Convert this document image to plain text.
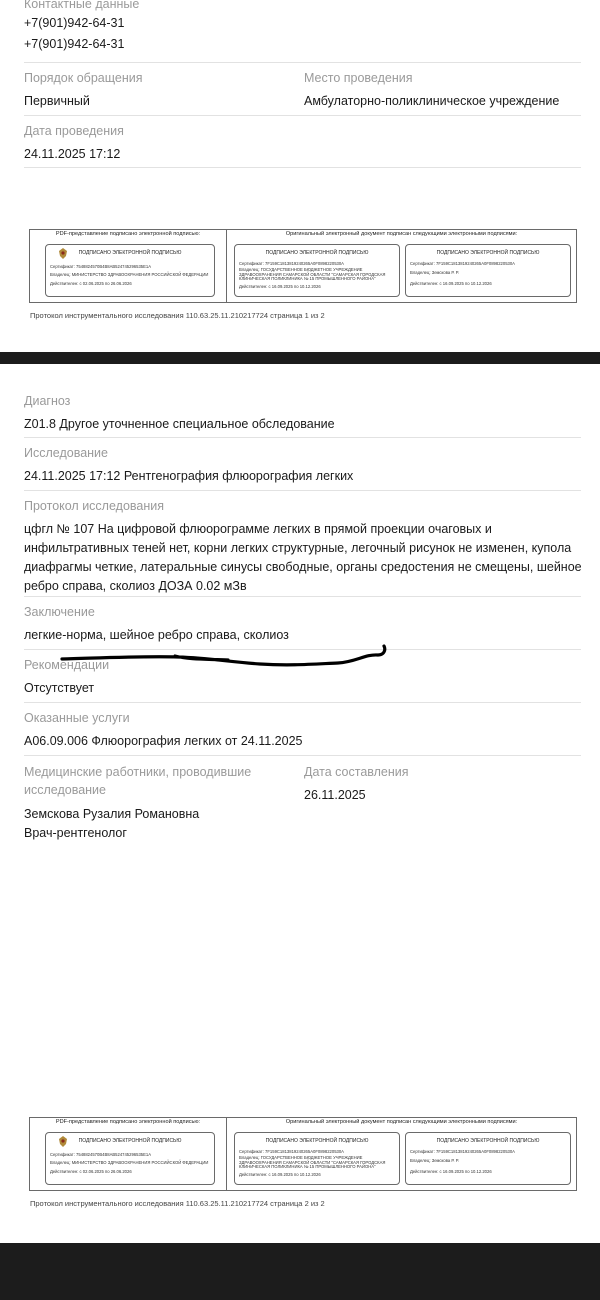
Контактные данные
+7(901)942-64-31
+7(901)942-64-31
Порядок обращения
Первичный
Место проведения
Амбулаторно-поликлиническое учреждение
Дата проведения
24.11.2025 17:12
PDF-представление подписано электронной подписью:
ПОДПИСАНО ЭЛЕКТРОННОЙ ПОДПИСЬЮ
Сертификат: 7548824570B4B8AB524745296535E1A
Владелец: МИНИСТЕРСТВО ЗДРАВООХРАНЕНИЯ РОССИЙСКОЙ ФЕДЕРАЦИИ
Действителен: с 02.06.2025 по 26.06.2026
Оригинальный электронный документ подписан следующими электронными подписями:
ПОДПИСАНО ЭЛЕКТРОННОЙ ПОДПИСЬЮ
Сертификат: 7F159C1813819240265A0F0898220530A
Владелец: ГОСУДАРСТВЕННОЕ БЮДЖЕТНОЕ УЧРЕЖДЕНИЕ
ЗДРАВООХРАНЕНИЯ САМАРСКОЙ ОБЛАСТИ "САМАРСКАЯ ГОРОДСКАЯ
КЛИНИЧЕСКАЯ ПОЛИКЛИНИКА № 15 ПРОМЫШЛЕННОГО РАЙОНА"
Действителен: с 16.09.2025 по 10.12.2026
ПОДПИСАНО ЭЛЕКТРОННОЙ ПОДПИСЬЮ
Сертификат: 7F159C1813819240265A0F0898220530A
Владелец: Земскова Р. Р.
Действителен: с 16.09.2025 по 10.12.2026
Протокол инструментального исследования 110.63.25.11.210217724 страница 1 из 2
Диагноз
Z01.8 Другое уточненное специальное обследование
Исследование
24.11.2025 17:12 Рентгенография флюорография легких
Протокол исследования
цфгл № 107 На цифровой флюорограмме легких в прямой проекции очаговых и
инфильтративных теней нет, корни легких структурные, легочный рисунок не изменен, купола
диафрагмы четкие, латеральные синусы свободные, органы средостения не смещены, шейное
ребро справа, сколиоз ДОЗА 0.02 мЗв
Заключение
легкие-норма, шейное ребро справа, сколиоз
Рекомендации
Отсутствует
Оказанные услуги
A06.09.006 Флюорография легких от 24.11.2025
Медицинские работники, проводившие
исследование
Земскова Рузалия Романовна
Врач-рентгенолог
Дата составления
26.11.2025
PDF-представление подписано электронной подписью:
ПОДПИСАНО ЭЛЕКТРОННОЙ ПОДПИСЬЮ
Сертификат: 7548824570B4B8AB524745296535E1A
Владелец: МИНИСТЕРСТВО ЗДРАВООХРАНЕНИЯ РОССИЙСКОЙ ФЕДЕРАЦИИ
Действителен: с 02.06.2025 по 26.06.2026
Оригинальный электронный документ подписан следующими электронными подписями:
ПОДПИСАНО ЭЛЕКТРОННОЙ ПОДПИСЬЮ
Сертификат: 7F159C1813819240265A0F0898220530A
Владелец: ГОСУДАРСТВЕННОЕ БЮДЖЕТНОЕ УЧРЕЖДЕНИЕ
ЗДРАВООХРАНЕНИЯ САМАРСКОЙ ОБЛАСТИ "САМАРСКАЯ ГОРОДСКАЯ
КЛИНИЧЕСКАЯ ПОЛИКЛИНИКА № 15 ПРОМЫШЛЕННОГО РАЙОНА"
Действителен: с 16.09.2025 по 10.12.2026
ПОДПИСАНО ЭЛЕКТРОННОЙ ПОДПИСЬЮ
Сертификат: 7F159C1813819240265A0F0898220530A
Владелец: Земскова Р. Р.
Действителен: с 16.09.2025 по 10.12.2026
Протокол инструментального исследования 110.63.25.11.210217724 страница 2 из 2
